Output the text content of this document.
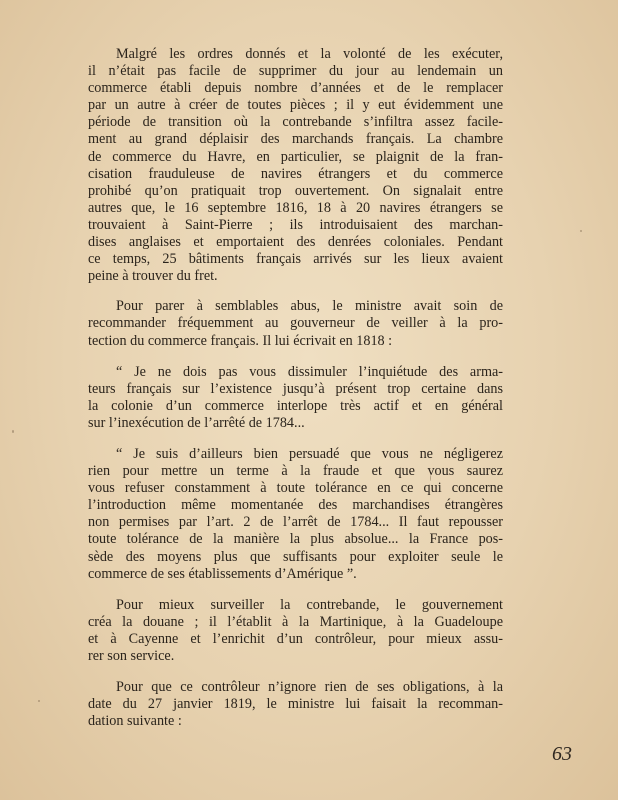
Malgré les ordres donnés et la volonté de les exécuter,
il n’était pas facile de supprimer du jour au lendemain un
commerce établi depuis nombre d’années et de le remplacer
par un autre à créer de toutes pièces ; il y eut évidemment une
période de transition où la contrebande s’infiltra assez facile-
ment au grand déplaisir des marchands français. La chambre
de commerce du Havre, en particulier, se plaignit de la fran-
cisation frauduleuse de navires étrangers et du commerce
prohibé qu’on pratiquait trop ouvertement. On signalait entre
autres que, le 16 septembre 1816, 18 à 20 navires étrangers se
trouvaient à Saint-Pierre ; ils introduisaient des marchan-
dises anglaises et emportaient des denrées coloniales. Pendant
ce temps, 25 bâtiments français arrivés sur les lieux avaient
peine à trouver du fret.
Pour parer à semblables abus, le ministre avait soin de
recommander fréquemment au gouverneur de veiller à la pro-
tection du commerce français. Il lui écrivait en 1818 :
“ Je ne dois pas vous dissimuler l’inquiétude des arma-
teurs français sur l’existence jusqu’à présent trop certaine dans
la colonie d’un commerce interlope très actif et en général
sur l’inexécution de l’arrêté de 1784...
“ Je suis d’ailleurs bien persuadé que vous ne négligerez
rien pour mettre un terme à la fraude et que vous saurez
vous refuser constamment à toute tolérance en ce qui concerne
l’introduction même momentanée des marchandises étrangères
non permises par l’art. 2 de l’arrêt de 1784... Il faut repousser
toute tolérance de la manière la plus absolue... la France pos-
sède des moyens plus que suffisants pour exploiter seule le
commerce de ses établissements d’Amérique ”.
Pour mieux surveiller la contrebande, le gouvernement
créa la douane ; il l’établit à la Martinique, à la Guadeloupe
et à Cayenne et l’enrichit d’un contrôleur, pour mieux assu-
rer son service.
Pour que ce contrôleur n’ignore rien de ses obligations, à la
date du 27 janvier 1819, le ministre lui faisait la recomman-
dation suivante :
63
